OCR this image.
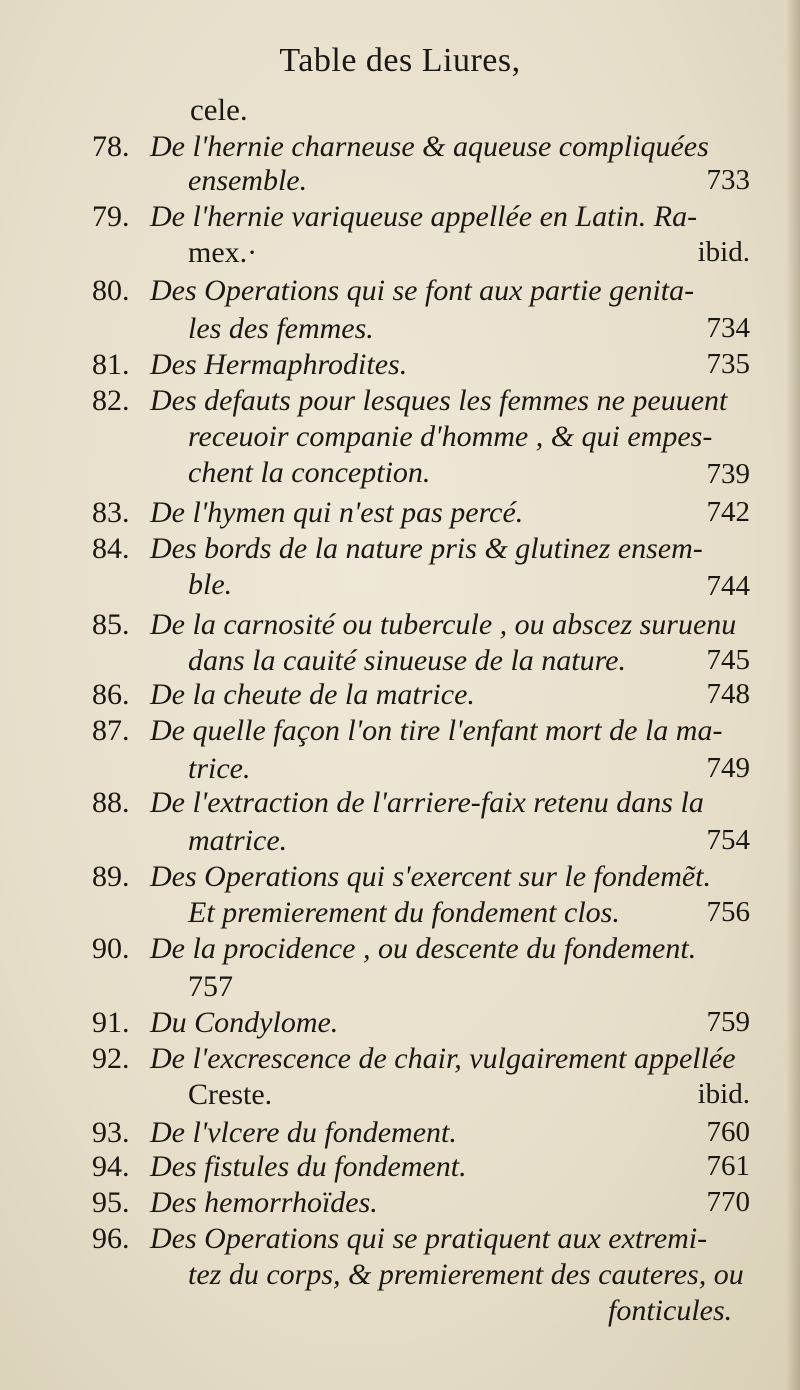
Table des Liures,
cele.
78. De l'hernie charneuse & aqueuse compliquées
ensemble.	733
79. De l'hernie variqueuse appellée en Latin. Ra-
mex.·	ibid.
80. Des Operations qui se font aux partie genita-
les des femmes.	734
81. Des Hermaphrodites.	735
82. Des defauts pour lesques les femmes ne peuuent
receuoir companie d'homme , & qui empes-
chent la conception.	739
83. De l'hymen qui n'est pas percé.	742
84. Des bords de la nature pris & glutinez ensem-
ble.	744
85. De la carnosité ou tubercule , ou abscez suruenu
dans la cauité sinueuse de la nature.	745
86. De la cheute de la matrice.	748
87. De quelle façon l'on tire l'enfant mort de la ma-
trice.	749
88. De l'extraction de l'arriere-faix retenu dans la
matrice.	754
89. Des Operations qui s'exercent sur le fondemẽt.
Et premierement du fondement clos.	756
90. De la procidence , ou descente du fondement.
757
91. Du Condylome.	759
92. De l'excrescence de chair, vulgairement appellée
Creste.	ibid.
93. De l'vlcere du fondement.	760
94. Des fistules du fondement.	761
95. Des hemorrhoïdes.	770
96. Des Operations qui se pratiquent aux extremi-
tez du corps, & premierement des cauteres, ou
fonticules.
